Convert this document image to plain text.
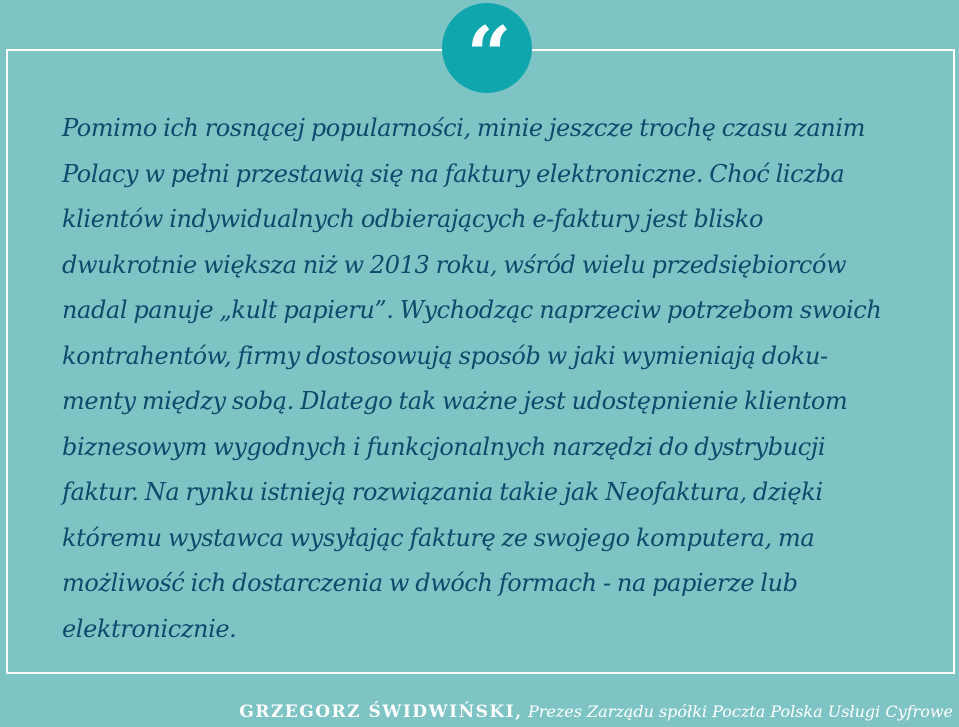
“

Pomimo ich rosnącej popularności, minie jeszcze trochę czasu zanim
Polacy w pełni przestawią się na faktury elektroniczne. Choć liczba
klientów indywidualnych odbierających e-faktury jest blisko
dwukrotnie większa niż w 2013 roku, wśród wielu przedsiębiorców
nadal panuje „kult papieru”. Wychodząc naprzeciw potrzebom swoich
kontrahentów, firmy dostosowują sposób w jaki wymieniają doku-
menty między sobą. Dlatego tak ważne jest udostępnienie klientom
biznesowym wygodnych i funkcjonalnych narzędzi do dystrybucji
faktur. Na rynku istnieją rozwiązania takie jak Neofaktura, dzięki
któremu wystawca wysyłając fakturę ze swojego komputera, ma
możliwość ich dostarczenia w dwóch formach - na papierze lub
elektronicznie.

GRZEGORZ ŚWIDWIŃSKI, Prezes Zarządu spółki Poczta Polska Usługi Cyfrowe
